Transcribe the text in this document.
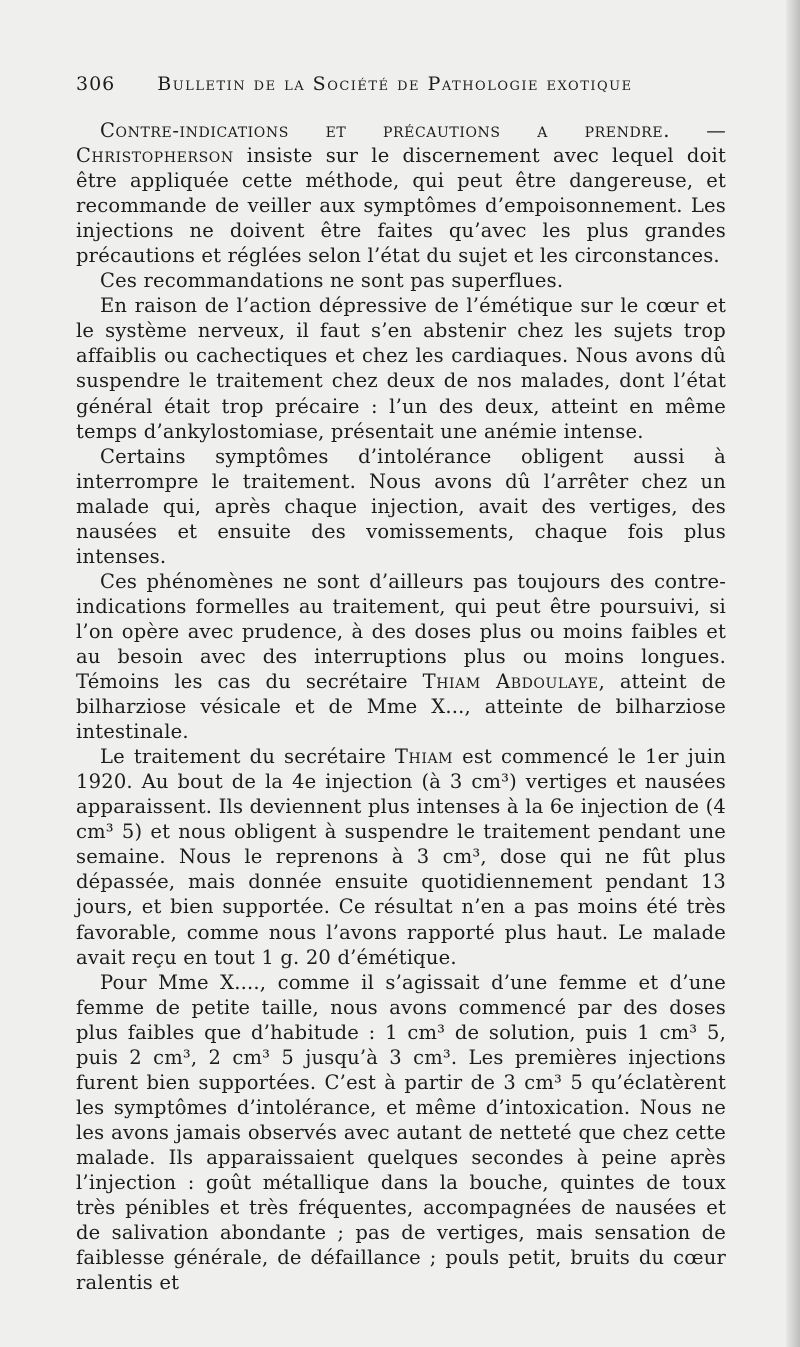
306 Bulletin de la Société de Pathologie exotique

Contre-indications et précautions a prendre. — Christopherson insiste sur le discernement avec lequel doit être appliquée cette méthode, qui peut être dangereuse, et recommande de veiller aux symptômes d’empoisonnement. Les injections ne doivent être faites qu’avec les plus grandes précautions et réglées selon l’état du sujet et les circonstances.

Ces recommandations ne sont pas superflues.

En raison de l’action dépressive de l’émétique sur le cœur et le système nerveux, il faut s’en abstenir chez les sujets trop affaiblis ou cachectiques et chez les cardiaques. Nous avons dû suspendre le traitement chez deux de nos malades, dont l’état général était trop précaire : l’un des deux, atteint en même temps d’ankylostomiase, présentait une anémie intense.

Certains symptômes d’intolérance obligent aussi à interrompre le traitement. Nous avons dû l’arrêter chez un malade qui, après chaque injection, avait des vertiges, des nausées et ensuite des vomissements, chaque fois plus intenses.

Ces phénomènes ne sont d’ailleurs pas toujours des contre-indications formelles au traitement, qui peut être poursuivi, si l’on opère avec prudence, à des doses plus ou moins faibles et au besoin avec des interruptions plus ou moins longues. Témoins les cas du secrétaire Thiam Abdoulaye, atteint de bilharziose vésicale et de Mme X..., atteinte de bilharziose intestinale.

Le traitement du secrétaire Thiam est commencé le 1er juin 1920. Au bout de la 4e injection (à 3 cm³) vertiges et nausées apparaissent. Ils deviennent plus intenses à la 6e injection de (4 cm³ 5) et nous obligent à suspendre le traitement pendant une semaine. Nous le reprenons à 3 cm³, dose qui ne fût plus dépassée, mais donnée ensuite quotidiennement pendant 13 jours, et bien supportée. Ce résultat n’en a pas moins été très favorable, comme nous l’avons rapporté plus haut. Le malade avait reçu en tout 1 g. 20 d’émétique.

Pour Mme X...., comme il s’agissait d’une femme et d’une femme de petite taille, nous avons commencé par des doses plus faibles que d’habitude : 1 cm³ de solution, puis 1 cm³ 5, puis 2 cm³, 2 cm³ 5 jusqu’à 3 cm³. Les premières injections furent bien supportées. C’est à partir de 3 cm³ 5 qu’éclatèrent les symptômes d’intolérance, et même d’intoxication. Nous ne les avons jamais observés avec autant de netteté que chez cette malade. Ils apparaissaient quelques secondes à peine après l’injection : goût métallique dans la bouche, quintes de toux très pénibles et très fréquentes, accompagnées de nausées et de salivation abondante ; pas de vertiges, mais sensation de faiblesse générale, de défaillance ; pouls petit, bruits du cœur ralentis et
